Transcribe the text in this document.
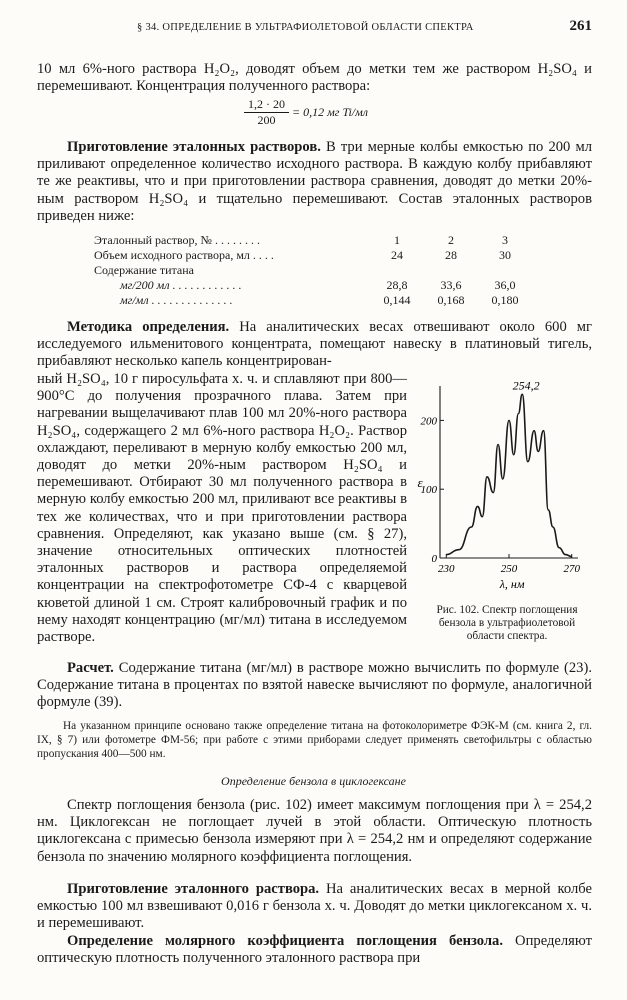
§ 34. ОПРЕДЕЛЕНИЕ В УЛЬТРАФИОЛЕТОВОЙ ОБЛАСТИ СПЕКТРА	261

10 мл 6%-ного раствора H₂O₂, доводят объем до метки тем же раствором H₂SO₄ и перемешивают. Концентрация полученного раствора:

$\frac{1,2 \cdot 20}{200} = 0,12$ мг Ti/мл

Приготовление эталонных растворов. В три мерные колбы емкостью по 200 мл приливают определенное количество исходного раствора. В каждую колбу прибавляют те же реактивы, что и при приготовлении раствора сравнения, доводят до метки 20%-ным раствором H₂SO₄ и тщательно перемешивают. Состав эталонных растворов приведен ниже:

Эталонный раствор, № . . . . . . . .	1	2	3
Объем исходного раствора, мл . . . .	24	28	30
Содержание титана			
мг/200 мл . . . . . . . . . . . .	28,8	33,6	36,0
мг/мл . . . . . . . . . . . . . .	0,144	0,168	0,180

Методика определения. На аналитических весах отвешивают около 600 мг исследуемого ильменитового концентрата, помещают навеску в платиновый тигель, прибавляют несколько капель концентрирован-

ный H₂SO₄, 10 г пиросульфата х. ч. и сплавляют при 800—900°С до получения прозрачного плава. Затем при нагревании выщелачивают плав 100 мл 20%-ного раствора H₂SO₄, содержащего 2 мл 6%-ного раствора H₂O₂. Раствор охлаждают, переливают в мерную колбу емкостью 200 мл, доводят до метки 20%-ным раствором H₂SO₄ и перемешивают. Отбирают 30 мл полученного раствора в мерную колбу емкостью 200 мл, приливают все реактивы в тех же количествах, что и при приготовлении раствора сравнения. Определяют, как указано выше (см. § 27), значение относительных оптических плотностей эталонных растворов и раствора определяемой концентрации на спектрофотометре СФ-4 с кварцевой кюветой длиной 1 см. Строят калибровочный график и по нему находят концентрацию (мг/мл) титана в исследуемом растворе.

0
100
200
230	250	270
254,2
ε
λ, нм
Рис. 102. Спектр поглощения бензола в ультрафиолетовой области спектра.

Расчет. Содержание титана (мг/мл) в растворе можно вычислить по формуле (23). Содержание титана в процентах по взятой навеске вычисляют по формуле, аналогичной формуле (39).

На указанном принципе основано также определение титана на фотоколориметре ФЭК-М (см. книга 2, гл. IX, § 7) или фотометре ФМ-56; при работе с этими приборами следует применять светофильтры с областью пропускания 400—500 нм.
Определение бензола в циклогексане

Спектр поглощения бензола (рис. 102) имеет максимум поглощения при λ = 254,2 нм. Циклогексан не поглощает лучей в этой области. Оптическую плотность циклогексана с примесью бензола измеряют при λ = 254,2 нм и определяют содержание бензола по значению молярного коэффициента поглощения.

Приготовление эталонного раствора. На аналитических весах в мерной колбе емкостью 100 мл взвешивают 0,016 г бензола х. ч. Доводят до метки циклогексаном х. ч. и перемешивают.

Определение молярного коэффициента поглощения бензола. Определяют оптическую плотность полученного эталонного раствора при
